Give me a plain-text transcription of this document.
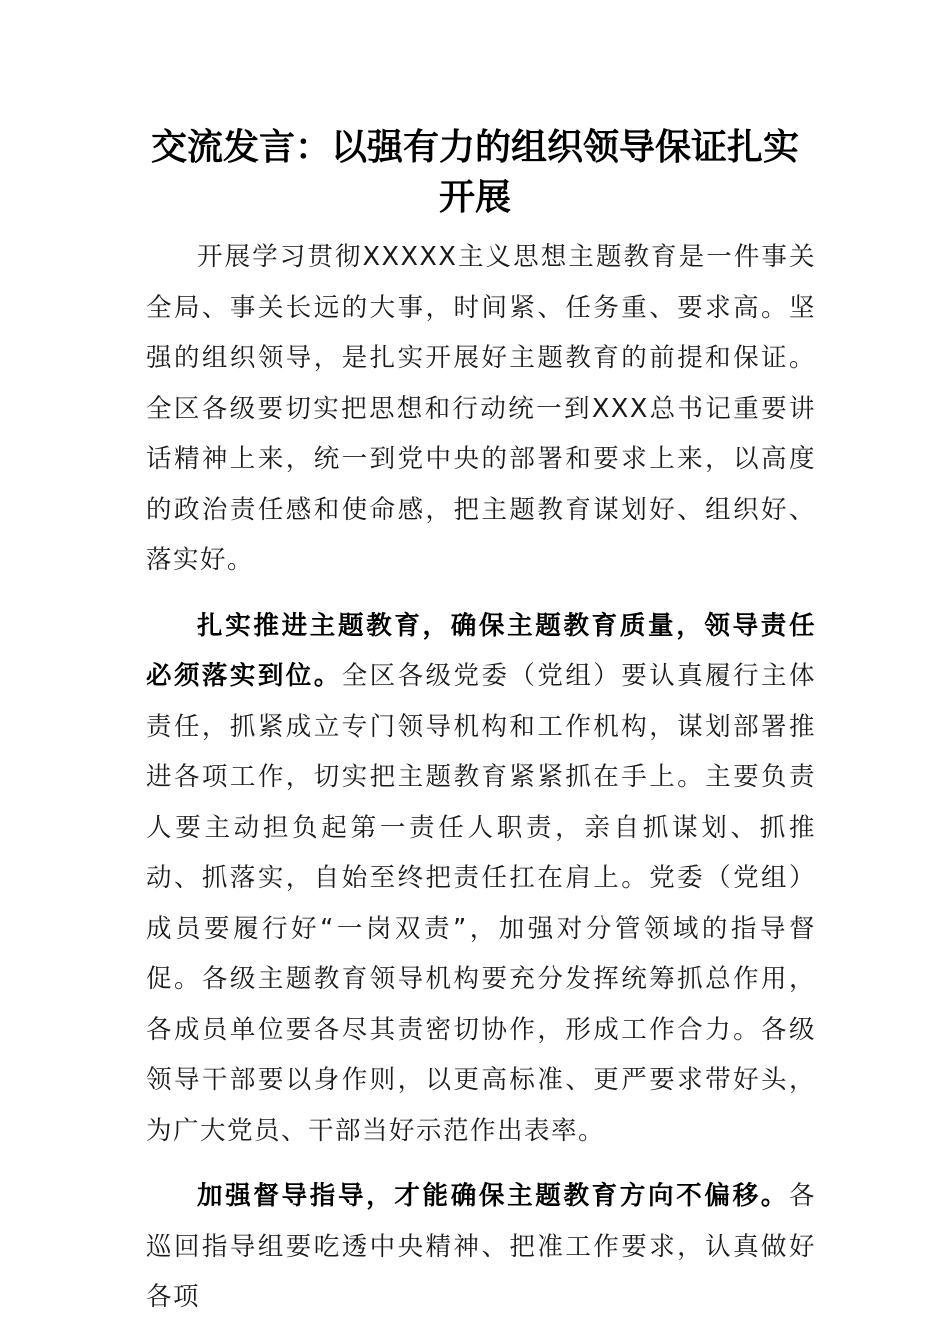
交流发言：以强有力的组织领导保证扎实开展

开展学习贯彻XXXXX主义思想主题教育是一件事关全局、事关长远的大事，时间紧、任务重、要求高。坚强的组织领导，是扎实开展好主题教育的前提和保证。全区各级要切实把思想和行动统一到XXX总书记重要讲话精神上来，统一到党中央的部署和要求上来，以高度的政治责任感和使命感，把主题教育谋划好、组织好、落实好。

扎实推进主题教育，确保主题教育质量，领导责任必须落实到位。全区各级党委（党组）要认真履行主体责任，抓紧成立专门领导机构和工作机构，谋划部署推进各项工作，切实把主题教育紧紧抓在手上。主要负责人要主动担负起第一责任人职责，亲自抓谋划、抓推动、抓落实，自始至终把责任扛在肩上。党委（党组）成员要履行好“一岗双责”，加强对分管领域的指导督促。各级主题教育领导机构要充分发挥统筹抓总作用，各成员单位要各尽其责密切协作，形成工作合力。各级领导干部要以身作则，以更高标准、更严要求带好头，为广大党员、干部当好示范作出表率。

加强督导指导，才能确保主题教育方向不偏移。各巡回指导组要吃透中央精神、把准工作要求，认真做好各项
